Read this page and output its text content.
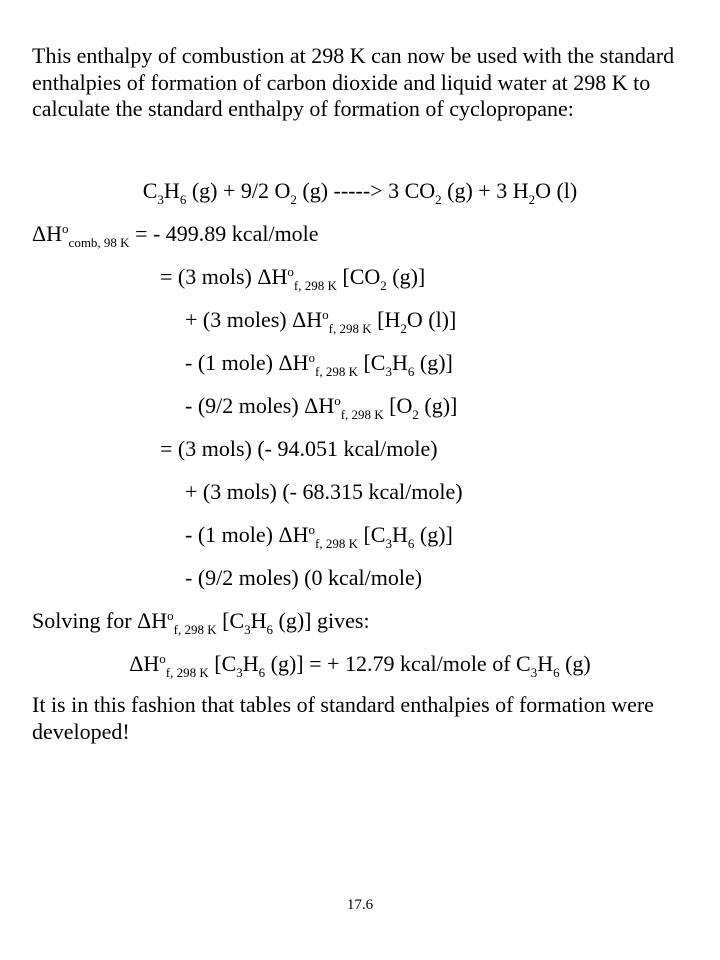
This enthalpy of combustion at 298 K can now be used with the standard enthalpies of formation of carbon dioxide and liquid water at 298 K to calculate the standard enthalpy of formation of cyclopropane:
$C_3H_6$ (g) + 9/2 $O_2$ (g) -----> 3 $CO_2$ (g) + 3 $H_2O$ (l)
$\Delta H^o_{comb, 98 K}$ = - 499.89 kcal/mole
= (3 mols) $\Delta H^o_{f, 298 K}$ [$CO_2$ (g)]
+ (3 moles) $\Delta H^o_{f, 298 K}$ [$H_2O$ (l)]
- (1 mole) $\Delta H^o_{f, 298 K}$ [$C_3H_6$ (g)]
- (9/2 moles) $\Delta H^o_{f, 298 K}$ [$O_2$ (g)]
= (3 mols) (- 94.051 kcal/mole)
+ (3 mols) (- 68.315 kcal/mole)
- (1 mole) $\Delta H^o_{f, 298 K}$ [$C_3H_6$ (g)]
- (9/2 moles) (0 kcal/mole)
Solving for $\Delta H^o_{f, 298 K}$ [$C_3H_6$ (g)] gives:
$\Delta H^o_{f, 298 K}$ [$C_3H_6$ (g)] = + 12.79 kcal/mole of $C_3H_6$ (g)
It is in this fashion that tables of standard enthalpies of formation were developed!
17.6
